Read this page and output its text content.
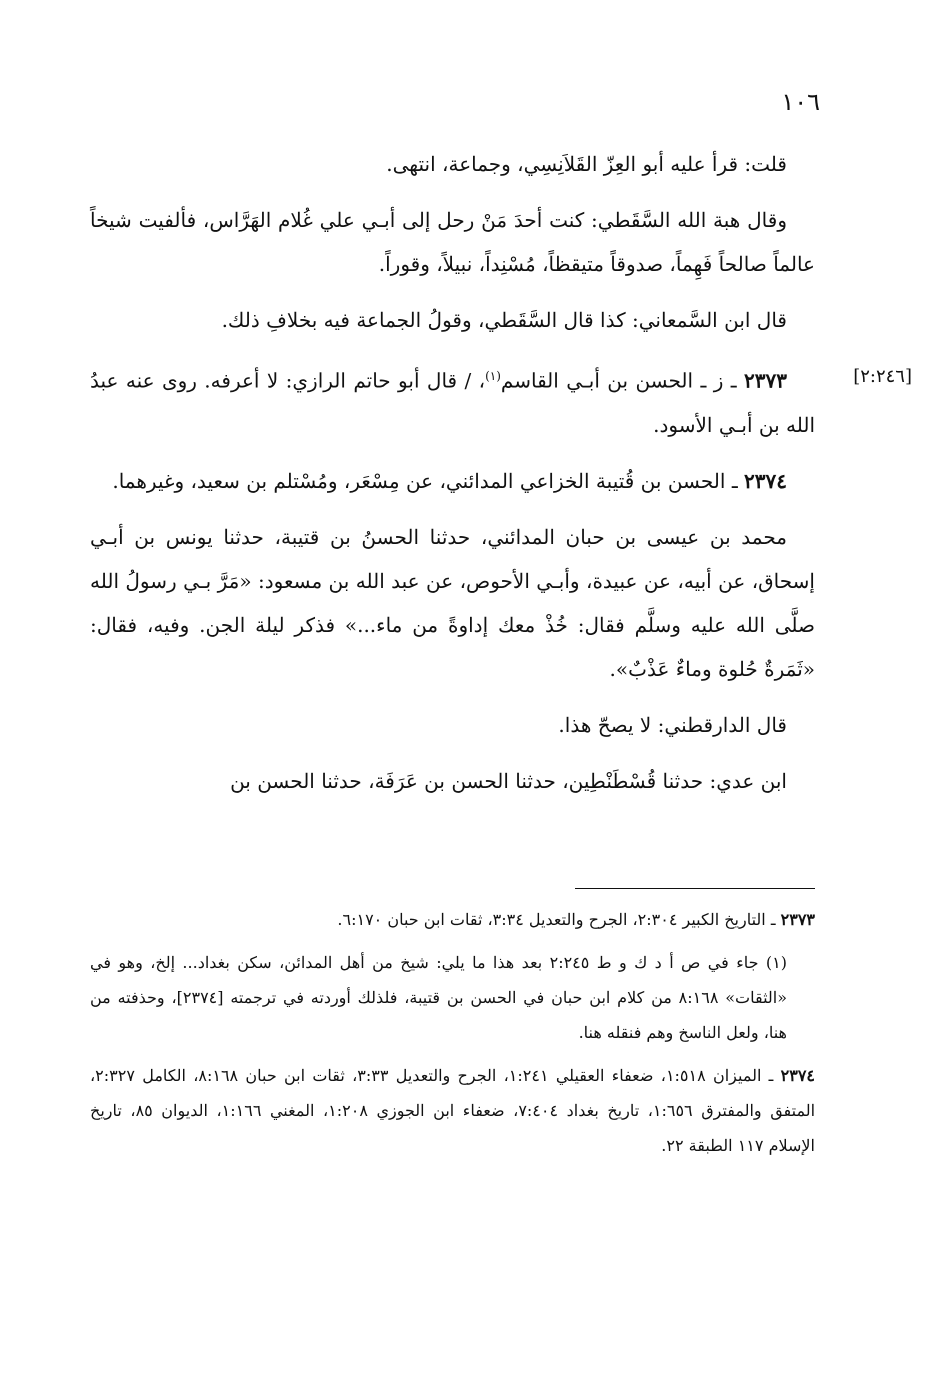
١٠٦
[٢:٢٤٦]

قلت: قرأ عليه أبو العِزّ القَلاَنِسِي، وجماعة، انتهى.

وقال هبة الله السَّقَطي: كنت أحدَ مَنْ رحل إلى أبـي علي غُلام الهَرَّاس، فألفيت شيخاً عالماً صالحاً فَهِماً، صدوقاً متيقظاً، مُسْنِداً، نبيلاً، وقوراً.

قال ابن السَّمعاني: كذا قال السَّقَطي، وقولُ الجماعة فيه بخلافِ ذلك.

٢٣٧٣ ـ ز ـ الحسن بن أبـي القاسم$^{(١)}$، / قال أبو حاتم الرازي: لا أعرفه. روى عنه عبدُ الله بن أبـي الأسود.

٢٣٧٤ ـ الحسن بن قُتيبة الخزاعي المدائني، عن مِسْعَر، ومُسْتلم بن سعيد، وغيرهما.

محمد بن عيسى بن حبان المدائني، حدثنا الحسنُ بن قتيبة، حدثنا يونس بن أبـي إسحاق، عن أبيه، عن عبيدة، وأبـي الأحوص، عن عبد الله بن مسعود: «مَرَّ بـي رسولُ الله صلَّى الله عليه وسلَّم فقال: خُذْ معك إداوةً من ماء...» فذكر ليلة الجن. وفيه، فقال: «ثَمَرةٌ حُلوة وماءٌ عَذْبٌ».

قال الدارقطني: لا يصحّ هذا.

ابن عدي: حدثنا قُسْطَنْطِين، حدثنا الحسن بن عَرَفَة، حدثنا الحسن بن

٢٣٧٣ ـ التاريخ الكبير ٢:٣٠٤، الجرح والتعديل ٣:٣٤، ثقات ابن حبان ٦:١٧٠.

(١) جاء في ص أ د ك و ط ٢:٢٤٥ بعد هذا ما يلي: شيخ من أهل المدائن، سكن بغداد... إلخ، وهو في «الثقات» ٨:١٦٨ من كلام ابن حبان في الحسن بن قتيبة، فلذلك أوردته في ترجمته [٢٣٧٤]، وحذفته من هنا، ولعل الناسخ وهم فنقله هنا.

٢٣٧٤ ـ الميزان ١:٥١٨، ضعفاء العقيلي ١:٢٤١، الجرح والتعديل ٣:٣٣، ثقات ابن حبان ٨:١٦٨، الكامل ٢:٣٢٧، المتفق والمفترق ١:٦٥٦، تاريخ بغداد ٧:٤٠٤، ضعفاء ابن الجوزي ١:٢٠٨، المغني ١:١٦٦، الديوان ٨٥، تاريخ الإسلام ١١٧ الطبقة ٢٢.
